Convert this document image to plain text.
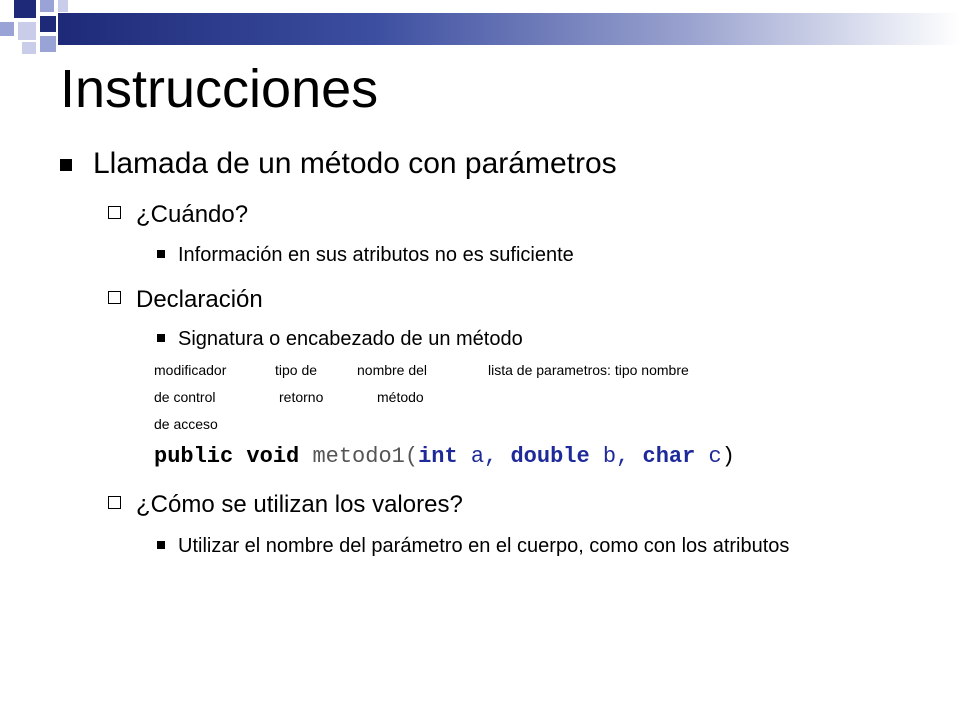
Instrucciones
Llamada de un método con parámetros
¿Cuándo?
Información en sus atributos no es suficiente
Declaración
Signatura o encabezado de un método
modificador	tipo de	nombre del	lista de parametros: tipo nombre
de control	retorno	método
de acceso
public void metodo1(int a, double b, char c)
¿Cómo se utilizan los valores?
Utilizar el nombre del parámetro en el cuerpo, como con los atributos
